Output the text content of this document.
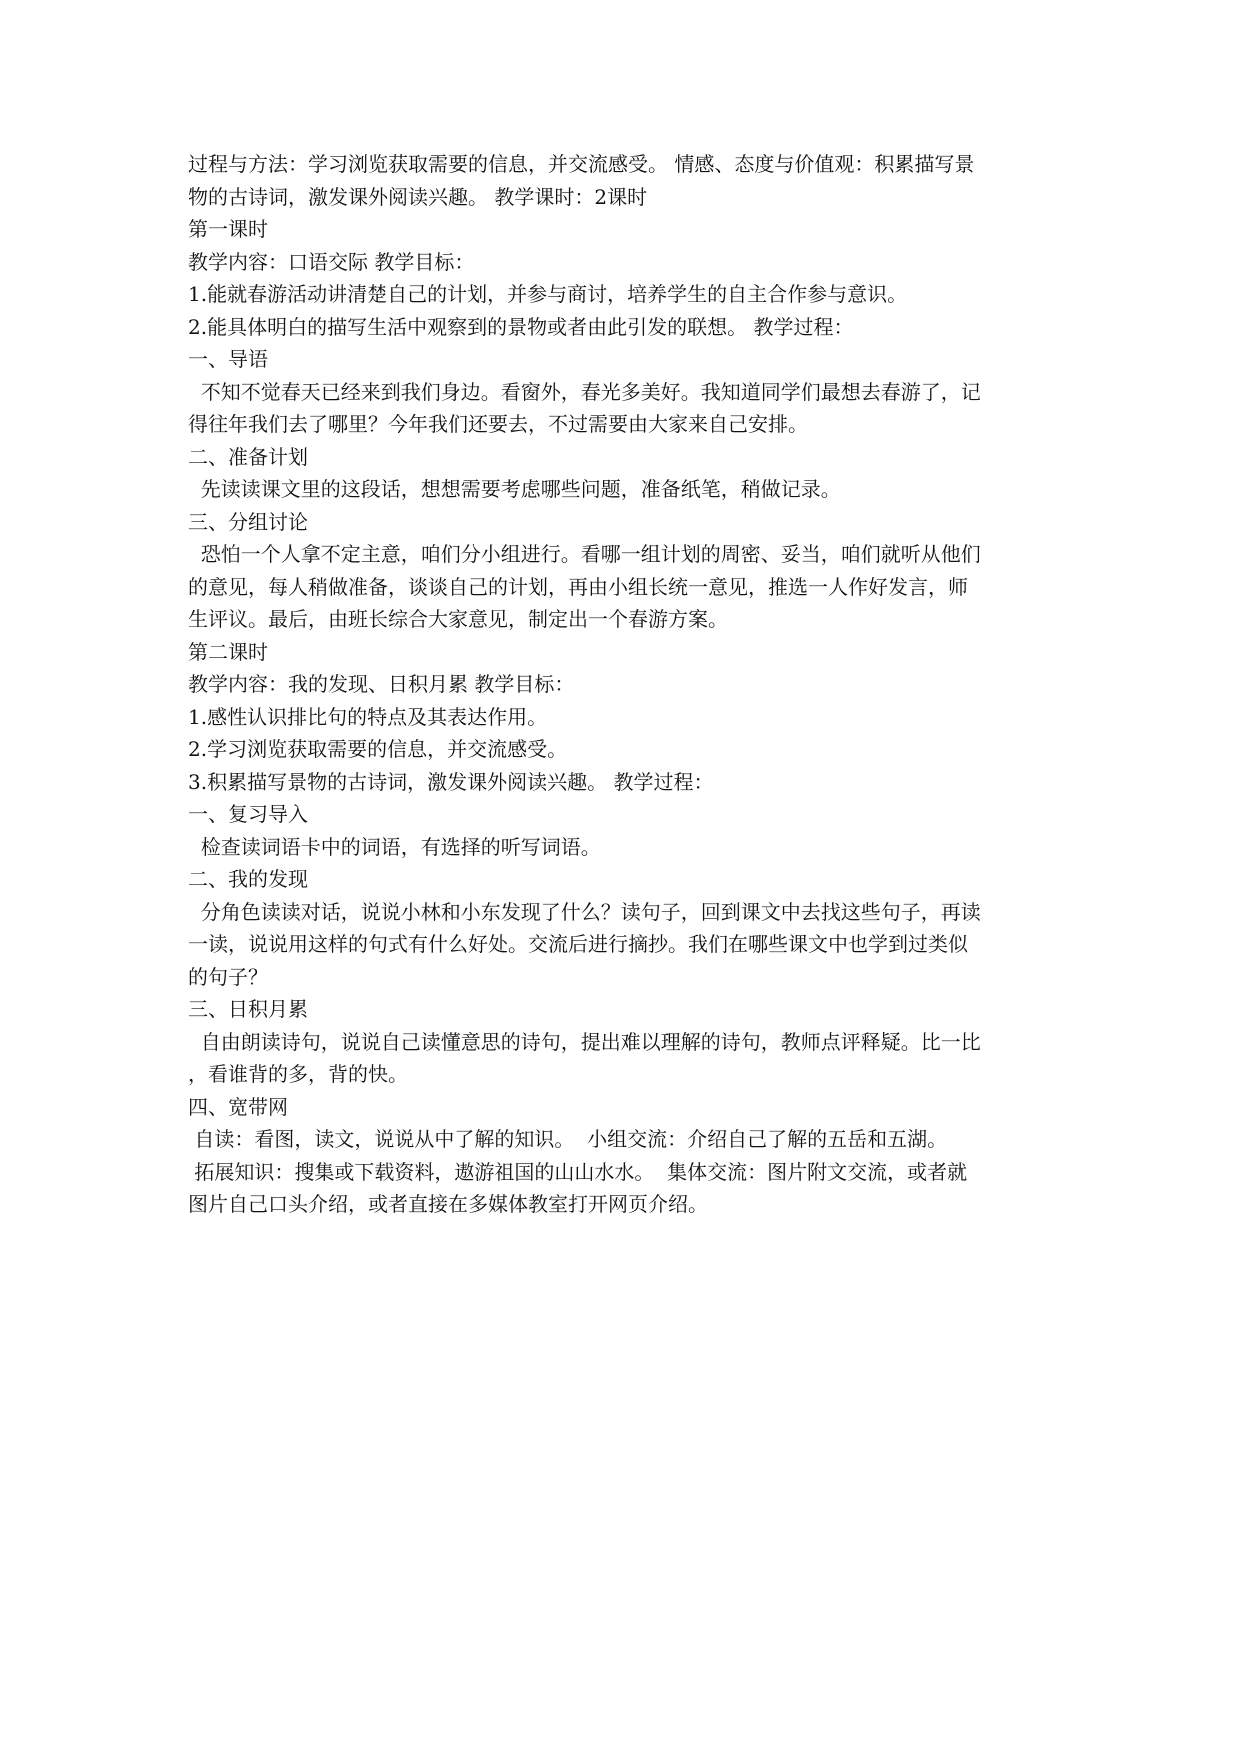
过程与方法：学习浏览获取需要的信息，并交流感受。 情感、态度与价值观：积累描写景
物的古诗词，激发课外阅读兴趣。 教学课时：2课时
第一课时
教学内容：口语交际 教学目标：
1.能就春游活动讲清楚自己的计划，并参与商讨，培养学生的自主合作参与意识。
2.能具体明白的描写生活中观察到的景物或者由此引发的联想。 教学过程：
一、导语
不知不觉春天已经来到我们身边。看窗外，春光多美好。我知道同学们最想去春游了，记
得往年我们去了哪里？今年我们还要去，不过需要由大家来自己安排。
二、准备计划
先读读课文里的这段话，想想需要考虑哪些问题，准备纸笔，稍做记录。
三、分组讨论
恐怕一个人拿不定主意，咱们分小组进行。看哪一组计划的周密、妥当，咱们就听从他们
的意见，每人稍做准备，谈谈自己的计划，再由小组长统一意见，推选一人作好发言，师
生评议。最后，由班长综合大家意见，制定出一个春游方案。
第二课时
教学内容：我的发现、日积月累 教学目标：
1.感性认识排比句的特点及其表达作用。
2.学习浏览获取需要的信息，并交流感受。
3.积累描写景物的古诗词，激发课外阅读兴趣。 教学过程：
一、复习导入
检查读词语卡中的词语，有选择的听写词语。
二、我的发现
分角色读读对话，说说小林和小东发现了什么？读句子，回到课文中去找这些句子，再读
一读，说说用这样的句式有什么好处。交流后进行摘抄。我们在哪些课文中也学到过类似
的句子？
三、日积月累
自由朗读诗句，说说自己读懂意思的诗句，提出难以理解的诗句，教师点评释疑。比一比
，看谁背的多，背的快。
四、宽带网
自读：看图，读文，说说从中了解的知识。  小组交流：介绍自己了解的五岳和五湖。
拓展知识：搜集或下载资料，遨游祖国的山山水水。  集体交流：图片附文交流，或者就
图片自己口头介绍，或者直接在多媒体教室打开网页介绍。
